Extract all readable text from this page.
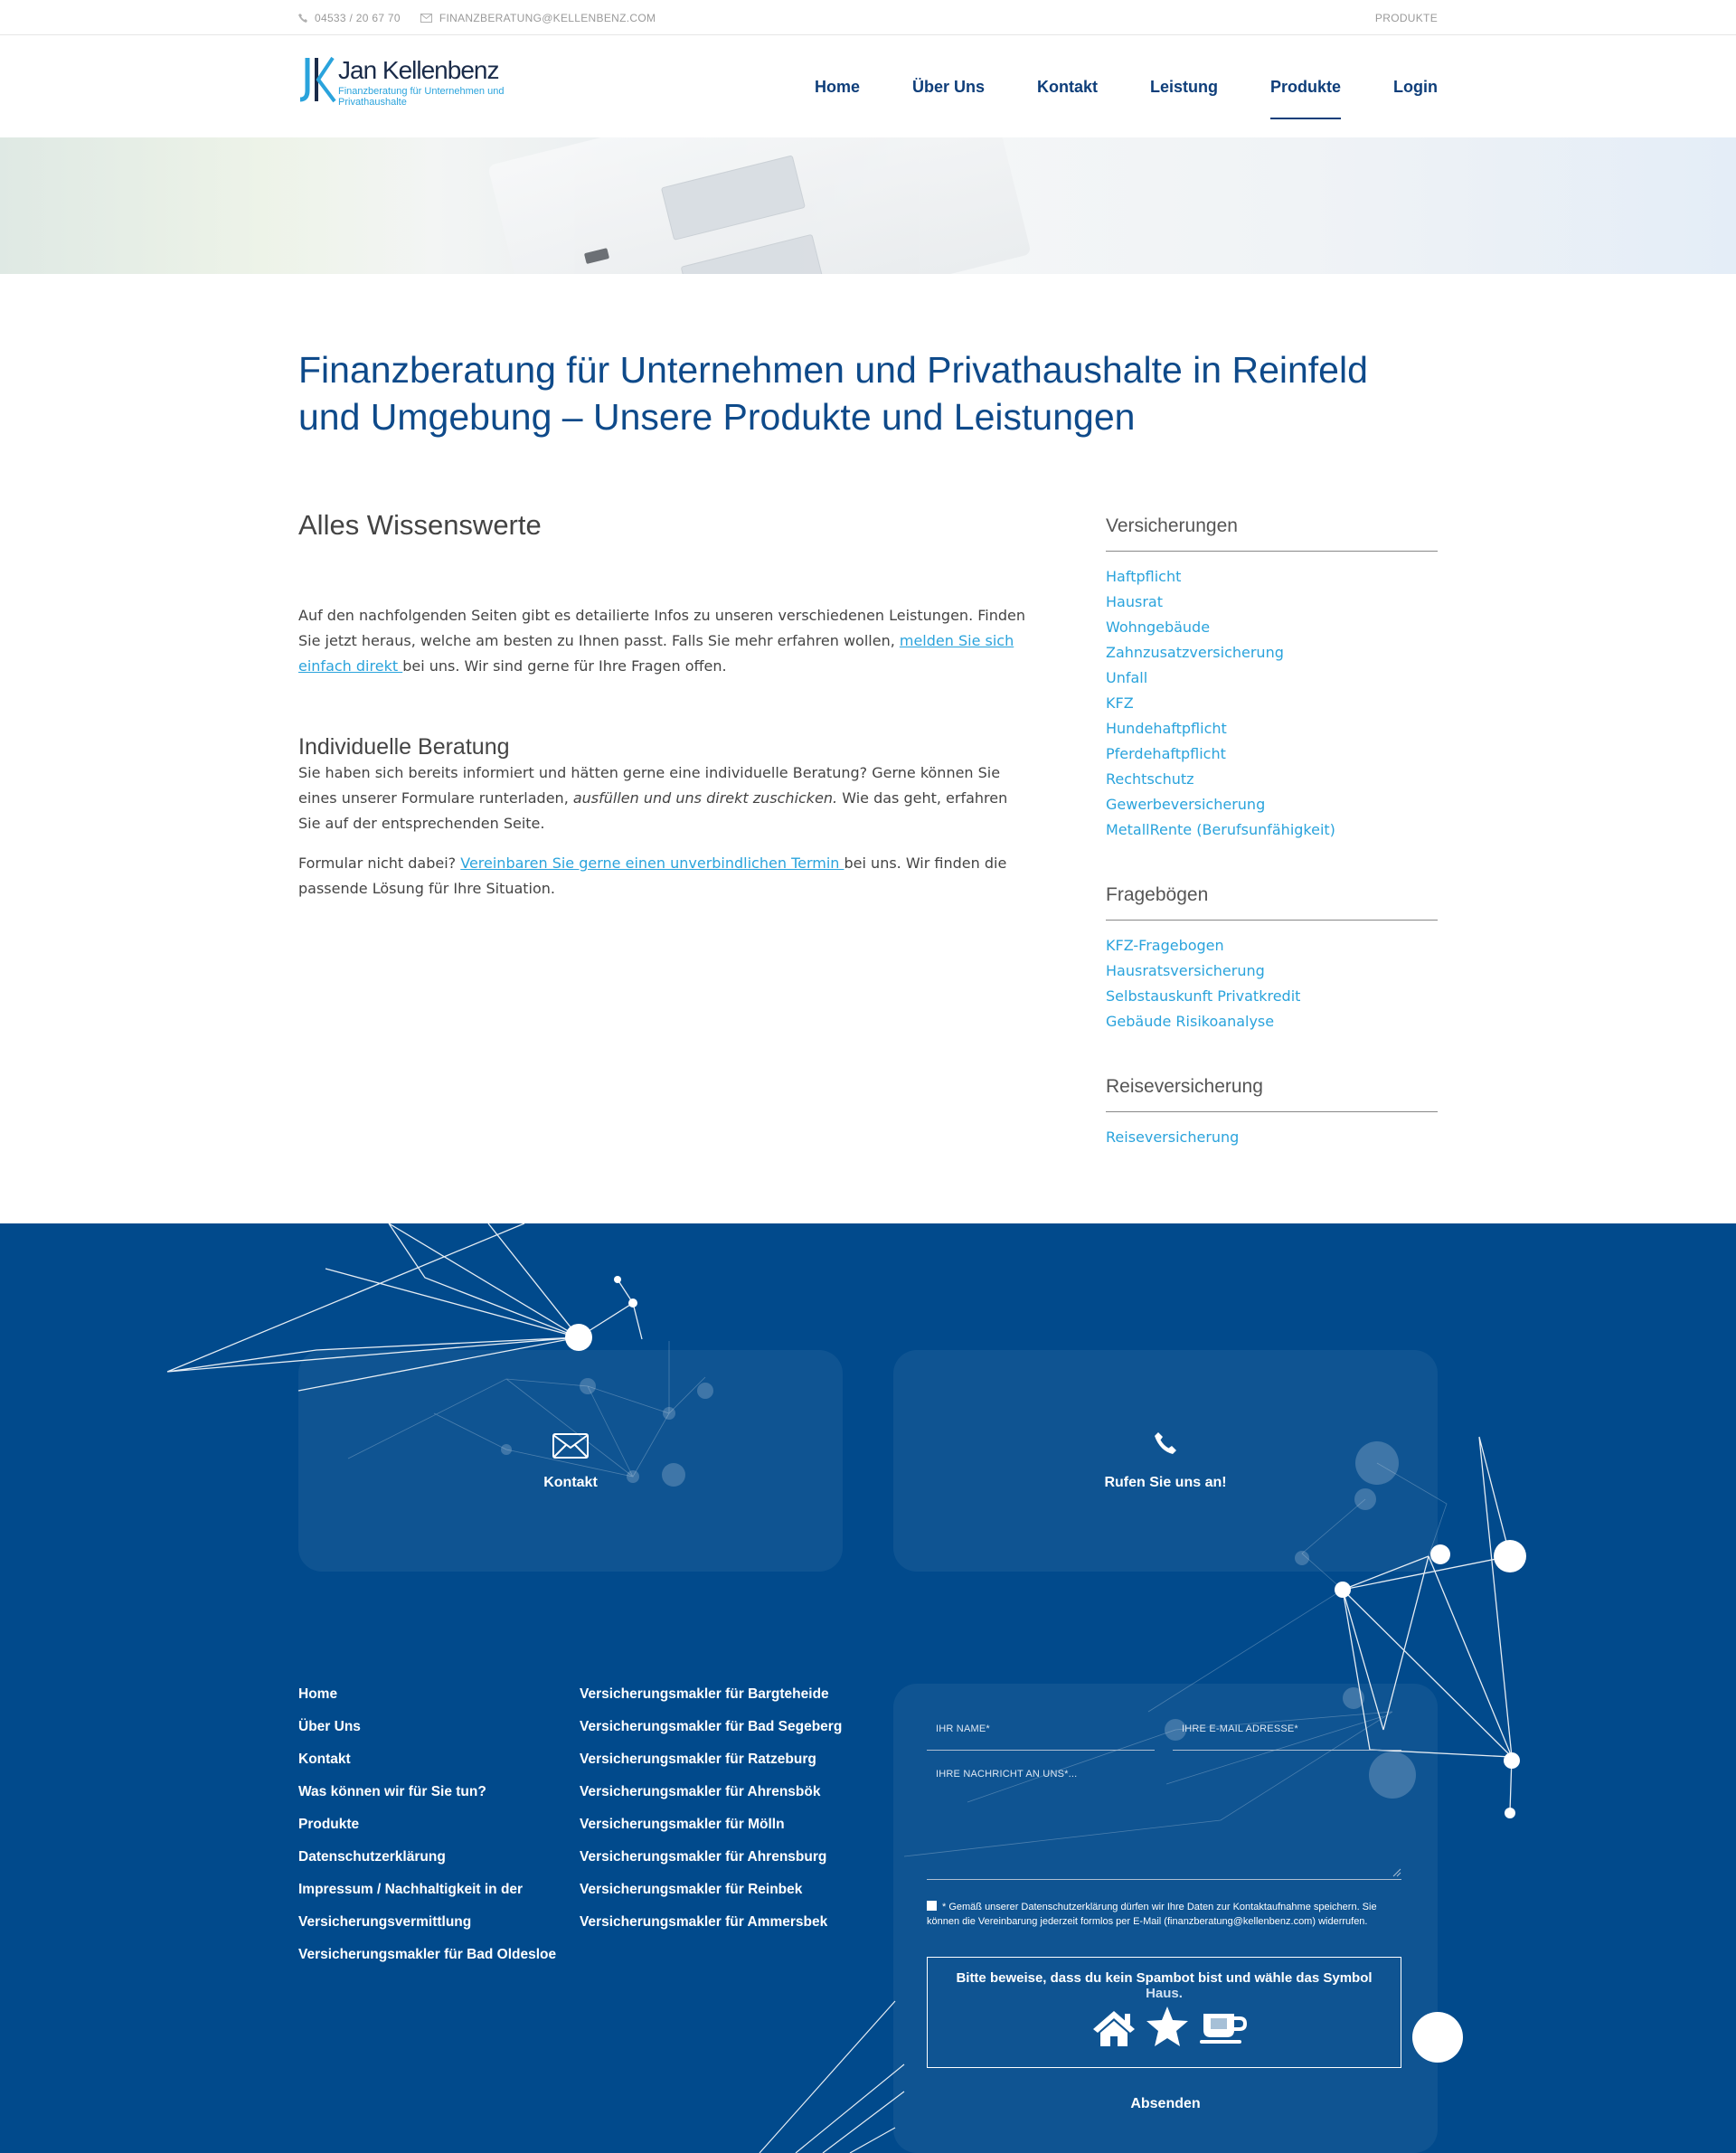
04533 / 20 67 70	FINANZBERATUNG@KELLENBENZ.COM	PRODUKTE
Jan Kellenbenz
Finanzberatung für Unternehmen und Privathaushalte
Home	Über Uns	Kontakt	Leistung	Produkte	Login
Finanzberatung für Unternehmen und Privathaushalte in Reinfeld und Umgebung – Unsere Produkte und Leistungen
Alles Wissenswerte

Auf den nachfolgenden Seiten gibt es detailierte Infos zu unseren verschiedenen Leistungen. Finden Sie jetzt heraus, welche am besten zu Ihnen passt. Falls Sie mehr erfahren wollen, melden Sie sich einfach direkt bei uns. Wir sind gerne für Ihre Fragen offen.

Individuelle Beratung

Sie haben sich bereits informiert und hätten gerne eine individuelle Beratung? Gerne können Sie eines unserer Formulare runterladen, ausfüllen und uns direkt zuschicken. Wie das geht, erfahren Sie auf der entsprechenden Seite.

Formular nicht dabei? Vereinbaren Sie gerne einen unverbindlichen Termin bei uns. Wir finden die passende Lösung für Ihre Situation.

Versicherungen
Haftpflicht
Hausrat
Wohngebäude
Zahnzusatzversicherung
Unfall
KFZ
Hundehaftpflicht
Pferdehaftpflicht
Rechtschutz
Gewerbeversicherung
MetallRente (Berufsunfähigkeit)
Fragebögen
KFZ-Fragebogen
Hausratsversicherung
Selbstauskunft Privatkredit
Gebäude Risikoanalyse
Reiseversicherung
Reiseversicherung
Kontakt	Rufen Sie uns an!
Home
Über Uns
Kontakt
Was können wir für Sie tun?
Produkte
Datenschutzerklärung
Impressum / Nachhaltigkeit in der
Versicherungsvermittlung
Versicherungsmakler für Bad Oldesloe
Versicherungsmakler für Bargteheide
Versicherungsmakler für Bad Segeberg
Versicherungsmakler für Ratzeburg
Versicherungsmakler für Ahrensbök
Versicherungsmakler für Mölln
Versicherungsmakler für Ahrensburg
Versicherungsmakler für Reinbek
Versicherungsmakler für Ammersbek
IHR NAME*	IHRE E-MAIL ADRESSE*
IHRE NACHRICHT AN UNS*...
* Gemäß unserer Datenschutzerklärung dürfen wir Ihre Daten zur Kontaktaufnahme speichern. Sie können die Vereinbarung jederzeit formlos per E-Mail (finanzberatung@kellenbenz.com) widerrufen.
Bitte beweise, dass du kein Spambot bist und wähle das Symbol
Haus.
Absenden
